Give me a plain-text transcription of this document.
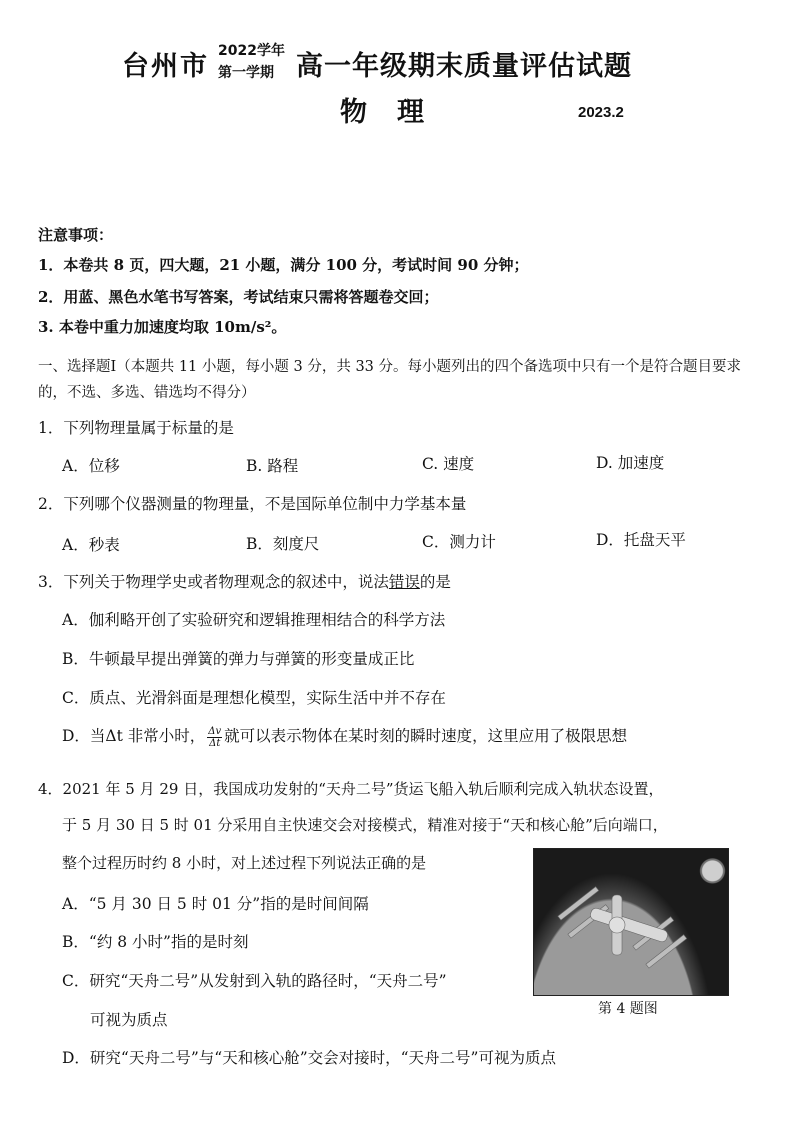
台州市 2022学年
第一学期 高一年级期末质量评估试题
物理	2023.2
注意事项：
1．本卷共 8 页，四大题，21 小题，满分 100 分，考试时间 90 分钟；
2．用蓝、黑色水笔书写答案，考试结束只需将答题卷交回；
3. 本卷中重力加速度均取 10m/s²。
一、选择题Ⅰ（本题共 11 小题，每小题 3 分，共 33 分。每小题列出的四个备选项中只有一个是符合题目要求的，不选、多选、错选均不得分）
1．下列物理量属于标量的是
A．位移	B. 路程	C. 速度	D. 加速度
2．下列哪个仪器测量的物理量，不是国际单位制中力学基本量
A．秒表	B．刻度尺	C．测力计	D．托盘天平
3．下列关于物理学史或者物理观念的叙述中，说法错误的是
A．伽利略开创了实验研究和逻辑推理相结合的科学方法
B．牛顿最早提出弹簧的弹力与弹簧的形变量成正比
C．质点、光滑斜面是理想化模型，实际生活中并不存在
D．当Δt 非常小时， $\frac{\Delta v}{\Delta t}$ 就可以表示物体在某时刻的瞬时速度，这里应用了极限思想
4．2021 年 5 月 29 日，我国成功发射的“天舟二号”货运飞船入轨后顺利完成入轨状态设置，
于 5 月 30 日 5 时 01 分采用自主快速交会对接模式，精准对接于“天和核心舱”后向端口，
整个过程历时约 8 小时，对上述过程下列说法正确的是
A．“5 月 30 日 5 时 01 分”指的是时间间隔
B．“约 8 小时”指的是时刻
C．研究“天舟二号”从发射到入轨的路径时，“天舟二号”
可视为质点
D．研究“天舟二号”与“天和核心舱”交会对接时，“天舟二号”可视为质点
第 4 题图
